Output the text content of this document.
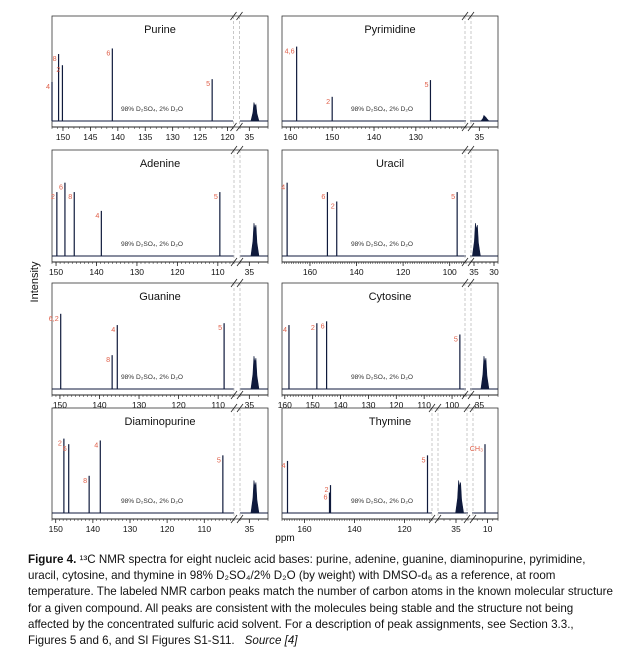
Intensity
Purine
98% D₂SO₄, 2% D₂O
150 145 140 135 130 125 120 35
4
8
2
6
5
Pyrimidine
98% D₂SO₄, 2% D₂O
160	150	140	130	35
4,6
2
5
Adenine
98% D₂SO₄, 2% D₂O
150	140	130	120	110 35
2
6
8
4
5
Uracil
98% D₂SO₄, 2% D₂O
160	140	120	100 35 30
4
6
2
5
Guanine
98% D₂SO₄, 2% D₂O
150	140	130	120	110 35
6,2
8
4	5
Cytosine
98% D₂SO₄, 2% D₂O
160 150 140 130 120 110 100 35
4	2 6
5
Diaminopurine
98% D₂SO₄, 2% D₂O
150	140	130	120	110	35
2
6
8
4
5
Thymine
98% D₂SO₄, 2% D₂O
160	140	120	35	10
4
6
2
5
CH₃
ppm
Figure 4. ¹³C NMR spectra for eight nucleic acid bases: purine, adenine, guanine, diaminopurine, pyrimidine, uracil, cytosine, and thymine in 98% D₂SO₄/2% D₂O (by weight) with DMSO-d₆ as a reference, at room temperature. The labeled NMR carbon peaks match the number of carbon atoms in the known molecular structure for a given compound. All peaks are consistent with the molecules being stable and the structure not being affected by the concentrated sulfuric acid solvent. For a description of peak assignments, see Section 3.3., Figures 5 and 6, and SI Figures S1-S11. Source [4]
